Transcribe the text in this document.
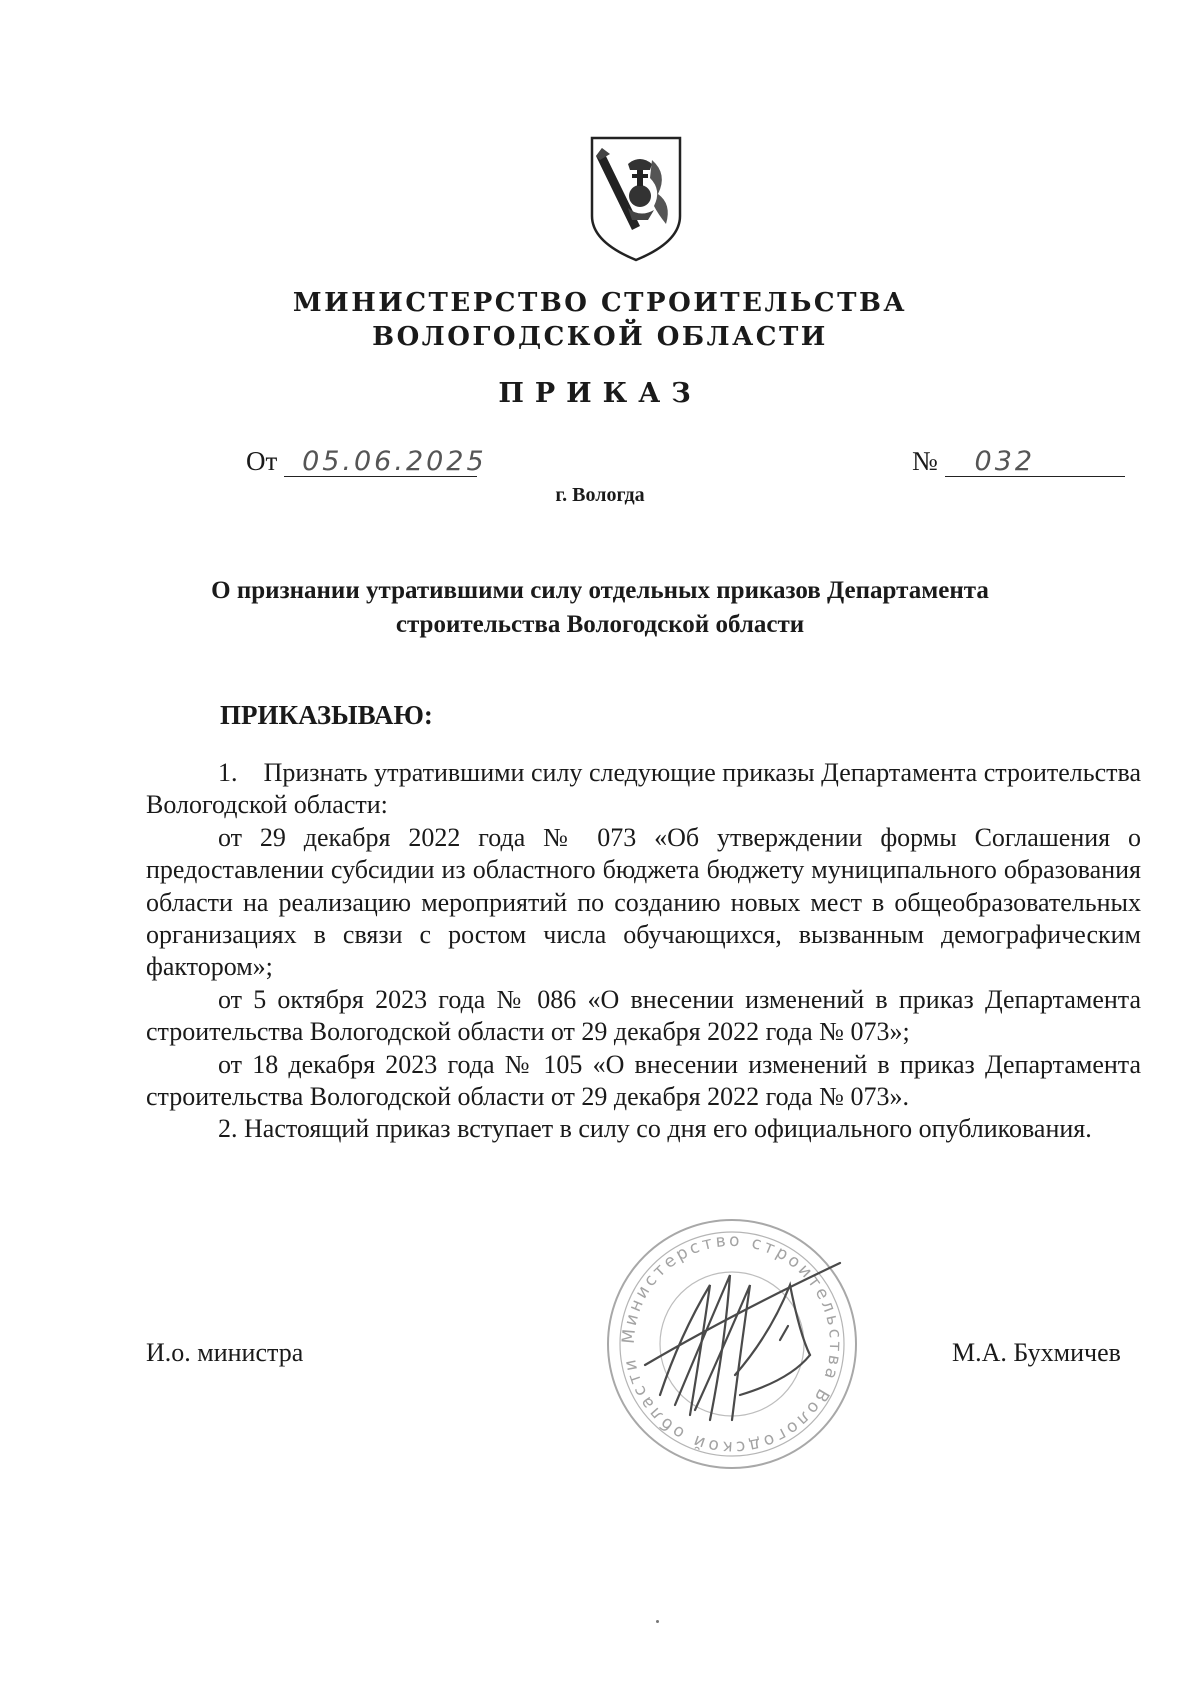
МИНИСТЕРСТВО СТРОИТЕЛЬСТВА
ВОЛОГОДСКОЙ ОБЛАСТИ
ПРИКАЗ
От 05.06.2025	№ 032
г. Вологда
О признании утратившими силу отдельных приказов Департамента
строительства Вологодской области
ПРИКАЗЫВАЮ:

1.    Признать утратившими силу следующие приказы Департамента строительства Вологодской области:

от 29 декабря 2022 года № 073 «Об утверждении формы Соглашения о предоставлении субсидии из областного бюджета бюджету муниципального образования области на реализацию мероприятий по созданию новых мест в общеобразовательных организациях в связи с ростом числа обучающихся, вызванным демографическим фактором»;

от 5 октября 2023 года № 086 «О внесении изменений в приказ Департамента строительства Вологодской области от 29 декабря 2022 года № 073»;

от 18 декабря 2023 года № 105 «О внесении изменений в приказ Департамента строительства Вологодской области от 29 декабря 2022 года № 073».

2. Настоящий приказ вступает в силу со дня его официального опубликования.

Министерство строительства Вологодской области
И.о. министра	М.А. Бухмичев
